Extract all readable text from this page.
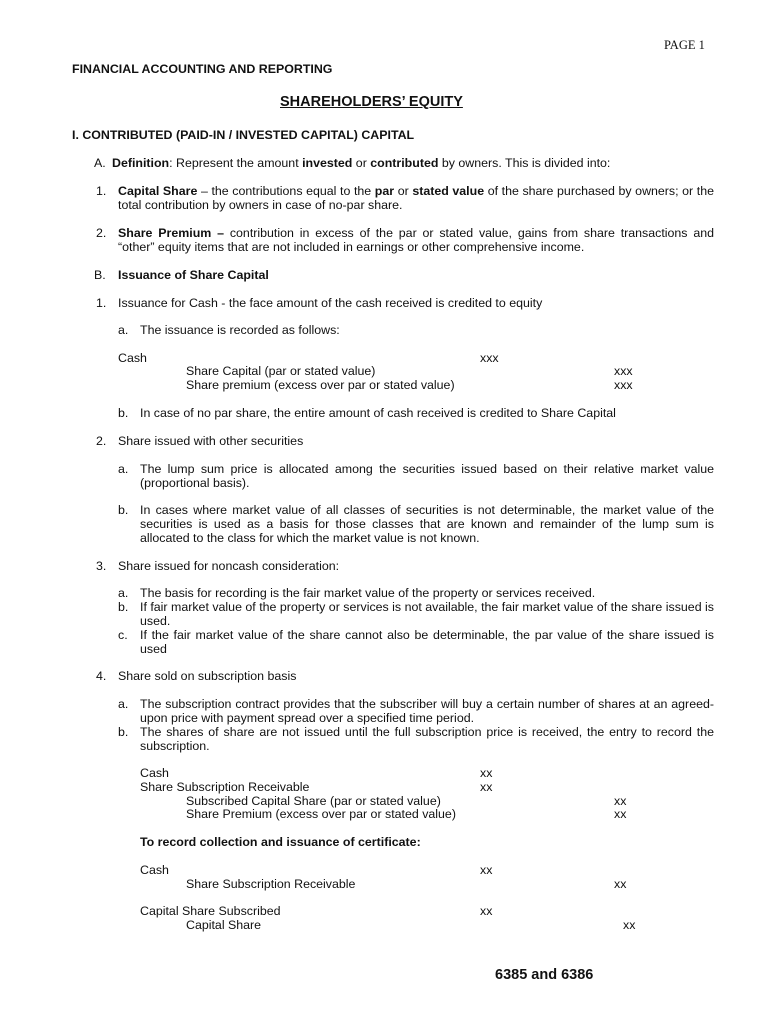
PAGE 1
FINANCIAL ACCOUNTING AND REPORTING
SHAREHOLDERS’ EQUITY
I. CONTRIBUTED (PAID-IN / INVESTED CAPITAL) CAPITAL
A. Definition: Represent the amount invested or contributed by owners. This is divided into:
1. Capital Share – the contributions equal to the par or stated value of the share purchased by owners; or the total contribution by owners in case of no-par share.
2. Share Premium – contribution in excess of the par or stated value, gains from share transactions and “other” equity items that are not included in earnings or other comprehensive income.
B. Issuance of Share Capital
1. Issuance for Cash - the face amount of the cash received is credited to equity
a. The issuance is recorded as follows:
Cash	xxx
Share Capital (par or stated value)	xxx
Share premium (excess over par or stated value)	xxx
b. In case of no par share, the entire amount of cash received is credited to Share Capital
2. Share issued with other securities
a. The lump sum price is allocated among the securities issued based on their relative market value (proportional basis).
b. In cases where market value of all classes of securities is not determinable, the market value of the securities is used as a basis for those classes that are known and remainder of the lump sum is allocated to the class for which the market value is not known.
3. Share issued for noncash consideration:
a. The basis for recording is the fair market value of the property or services received.
b. If fair market value of the property or services is not available, the fair market value of the share issued is used.
c. If the fair market value of the share cannot also be determinable, the par value of the share issued is used
4. Share sold on subscription basis
a. The subscription contract provides that the subscriber will buy a certain number of shares at an agreed-upon price with payment spread over a specified time period.
b. The shares of share are not issued until the full subscription price is received, the entry to record the subscription.
Cash	xx
Share Subscription Receivable	xx
Subscribed Capital Share (par or stated value)	xx
Share Premium (excess over par or stated value)	xx
To record collection and issuance of certificate:
Cash	xx
Share Subscription Receivable	xx
Capital Share Subscribed	xx
Capital Share	xx
6385 and 6386
